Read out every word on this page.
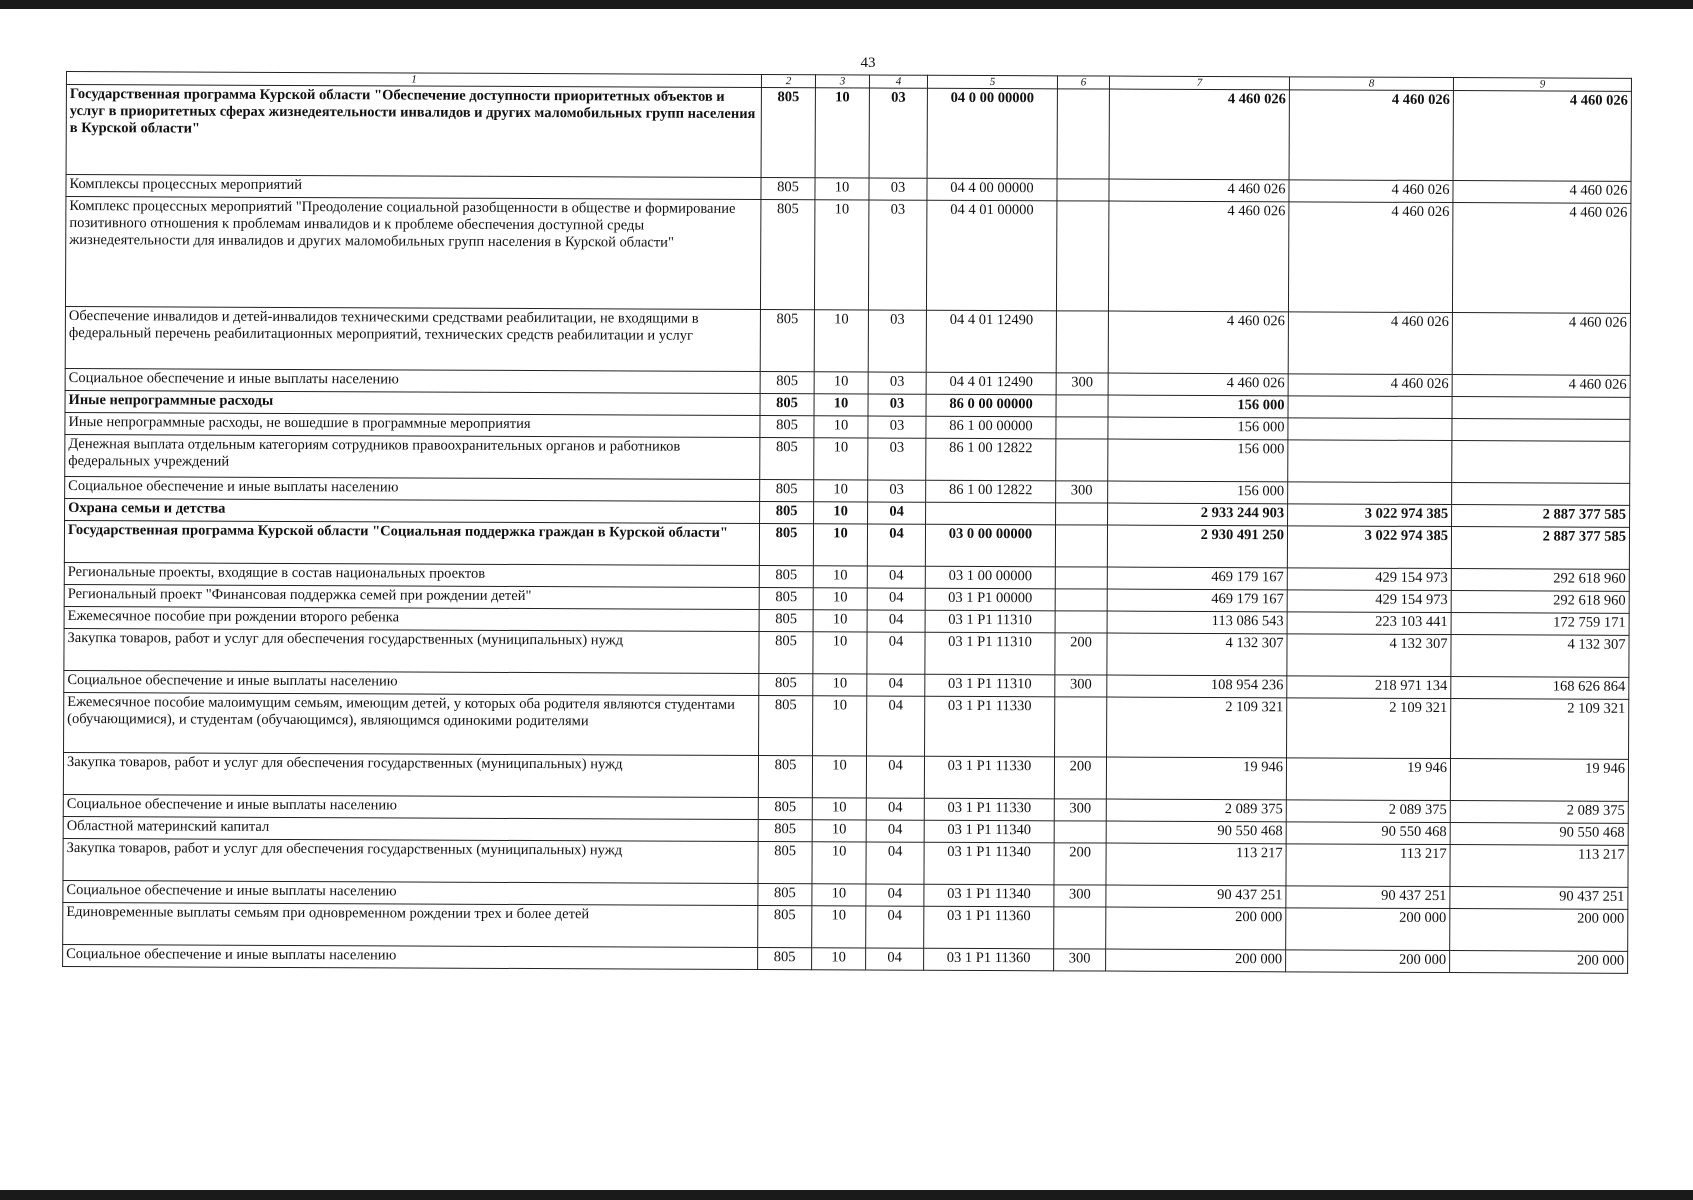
43
1	2	3	4	5	6	7	8	9
Государственная программа Курской области "Обеспечение доступности приоритетных объектов и услуг в приоритетных сферах жизнедеятельности инвалидов и других маломобильных групп населения в Курской области"	805	10	03	04 0 00 00000		4 460 026	4 460 026	4 460 026
Комплексы процессных мероприятий	805	10	03	04 4 00 00000		4 460 026	4 460 026	4 460 026
Комплекс процессных мероприятий "Преодоление социальной разобщенности в обществе и формирование позитивного отношения к проблемам инвалидов и к проблеме обеспечения доступной среды жизнедеятельности для инвалидов и других маломобильных групп населения в Курской области"	805	10	03	04 4 01 00000		4 460 026	4 460 026	4 460 026
Обеспечение инвалидов и детей-инвалидов техническими средствами реабилитации, не входящими в федеральный перечень реабилитационных мероприятий, технических средств реабилитации и услуг	805	10	03	04 4 01 12490		4 460 026	4 460 026	4 460 026
Социальное обеспечение и иные выплаты населению	805	10	03	04 4 01 12490	300	4 460 026	4 460 026	4 460 026
Иные непрограммные расходы	805	10	03	86 0 00 00000		156 000		
Иные непрограммные расходы, не вошедшие в программные мероприятия	805	10	03	86 1 00 00000		156 000		
Денежная выплата отдельным категориям сотрудников правоохранительных органов и работников федеральных учреждений	805	10	03	86 1 00 12822		156 000		
Социальное обеспечение и иные выплаты населению	805	10	03	86 1 00 12822	300	156 000		
Охрана семьи и детства	805	10	04			2 933 244 903	3 022 974 385	2 887 377 585
Государственная программа Курской области "Социальная поддержка граждан в Курской области"	805	10	04	03 0 00 00000		2 930 491 250	3 022 974 385	2 887 377 585
Региональные проекты, входящие в состав национальных проектов	805	10	04	03 1 00 00000		469 179 167	429 154 973	292 618 960
Региональный проект "Финансовая поддержка семей при рождении детей"	805	10	04	03 1 P1 00000		469 179 167	429 154 973	292 618 960
Ежемесячное пособие при рождении второго ребенка	805	10	04	03 1 P1 11310		113 086 543	223 103 441	172 759 171
Закупка товаров, работ и услуг для обеспечения государственных (муниципальных) нужд	805	10	04	03 1 P1 11310	200	4 132 307	4 132 307	4 132 307
Социальное обеспечение и иные выплаты населению	805	10	04	03 1 P1 11310	300	108 954 236	218 971 134	168 626 864
Ежемесячное пособие малоимущим семьям, имеющим детей, у которых оба родителя являются студентами (обучающимися), и студентам (обучающимся), являющимся одинокими родителями	805	10	04	03 1 P1 11330		2 109 321	2 109 321	2 109 321
Закупка товаров, работ и услуг для обеспечения государственных (муниципальных) нужд	805	10	04	03 1 P1 11330	200	19 946	19 946	19 946
Социальное обеспечение и иные выплаты населению	805	10	04	03 1 P1 11330	300	2 089 375	2 089 375	2 089 375
Областной материнский капитал	805	10	04	03 1 P1 11340		90 550 468	90 550 468	90 550 468
Закупка товаров, работ и услуг для обеспечения государственных (муниципальных) нужд	805	10	04	03 1 P1 11340	200	113 217	113 217	113 217
Социальное обеспечение и иные выплаты населению	805	10	04	03 1 P1 11340	300	90 437 251	90 437 251	90 437 251
Единовременные выплаты семьям при одновременном рождении трех и более детей	805	10	04	03 1 P1 11360		200 000	200 000	200 000
Социальное обеспечение и иные выплаты населению	805	10	04	03 1 P1 11360	300	200 000	200 000	200 000
